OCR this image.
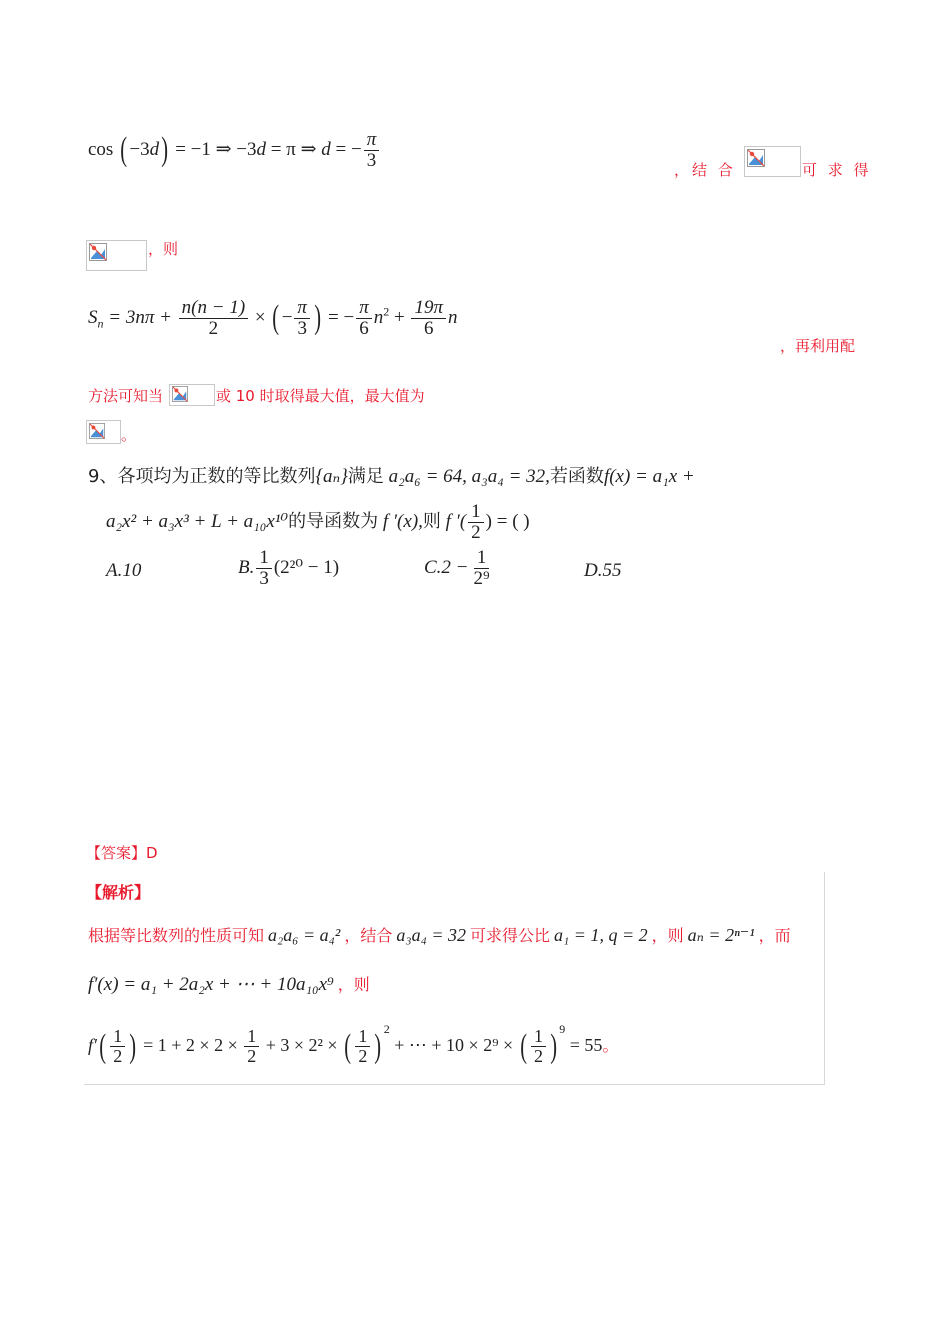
cos ( −3d) = −1 ⇒ −3d = π ⇒ d = − $\frac{\pi}{3}$	，结 合	可 求 得
，则
$S_n = 3n\pi + \frac{n(n - 1)}{2}$ × ( − $\frac{\pi}{3}$ ) = − $\frac{\pi}{6} n^2 + \frac{19\pi}{6}$ n
，再利用配
方法可知当	或 10 时取得最大值，最大值为
。
9、各项均为正数的等比数列{aₙ}满足 a₂a₆ = 64, a₃a₄ = 32,若函数f(x) = a₁x +
a₂x² + a₃x³ + L + a₁₀x¹⁰的导函数为 f ′(x),则 f ′( $\frac{1}{2}$ ) = ( )
A.10	B. $\frac{1}{3} (2^{20} - 1)$	$C.2 - \frac{1}{\text{2⁹}}$	D.55
【答案】D
【解析】
根据等比数列的性质可知 a₂a₆ = a₄² ，结合 a₃a₄ = 32 可求得公比 a₁ = 1, q = 2 ，则 aₙ = 2ⁿ⁻¹ ，而
f′(x) = a₁ + 2a₂x + ⋯ + 10a₁₀x⁹ ，则
$f'( \frac{1}{2}$ ) = $1 + 2 \times 2 \times \frac{1}{2} + 3 \times 2^2$ × ( $\frac{1}{2}$ ) $^2$ + ⋯ + 10 × 2⁹ × ( $\frac{1}{2}$ ) $^9$ = 55。
